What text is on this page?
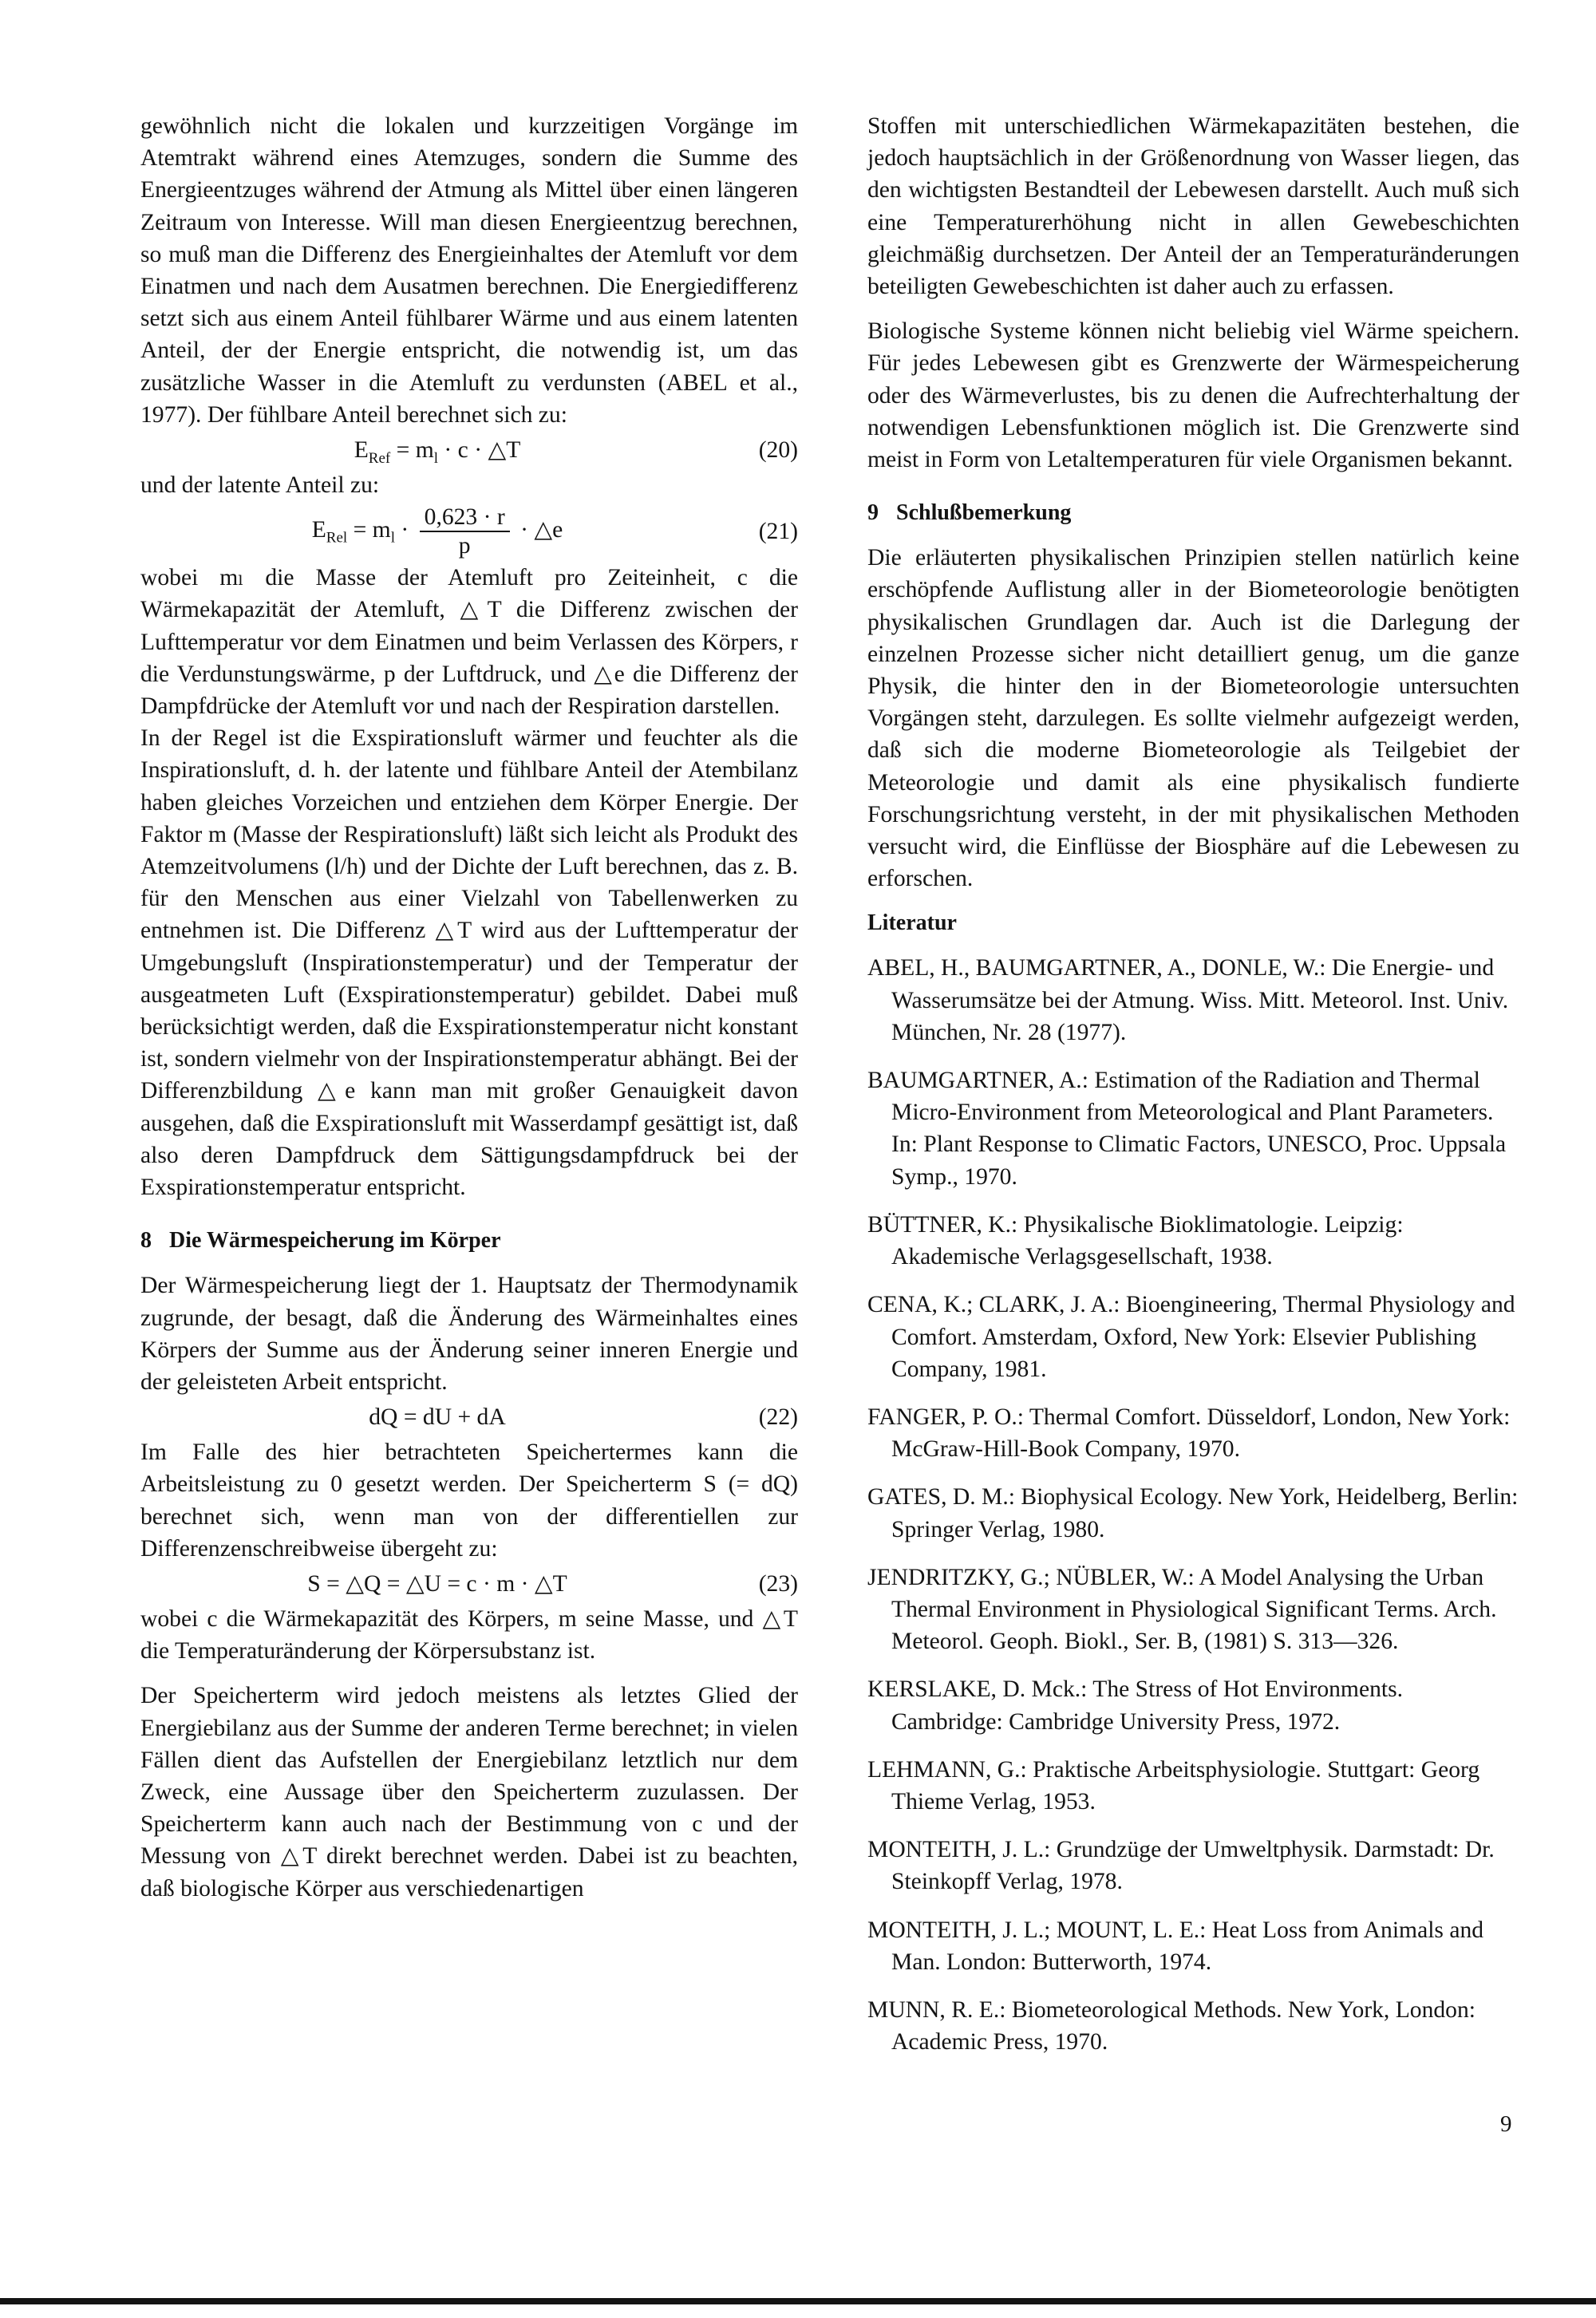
gewöhnlich nicht die lokalen und kurzzeitigen Vorgänge im Atemtrakt während eines Atemzuges, sondern die Summe des Energieentzuges während der Atmung als Mittel über einen längeren Zeitraum von Interesse. Will man diesen Energieentzug berechnen, so muß man die Differenz des Energieinhaltes der Atemluft vor dem Einatmen und nach dem Ausatmen berechnen. Die Energiedifferenz setzt sich aus einem Anteil fühlbarer Wärme und aus einem latenten Anteil, der der Energie entspricht, die notwendig ist, um das zusätzliche Wasser in die Atemluft zu verdunsten (ABEL et al., 1977). Der fühlbare Anteil berechnet sich zu:

$E_{Ref} = m_l \cdot c$ · △T	(20)

und der latente Anteil zu:

$E_{Rel} = m_l \cdot \frac{0,623 \cdot r}{p}$ · △e	(21)

wobei mₗ die Masse der Atemluft pro Zeiteinheit, c die Wärmekapazität der Atemluft, △T die Differenz zwischen der Lufttemperatur vor dem Einatmen und beim Verlassen des Körpers, r die Verdunstungswärme, p der Luftdruck, und △e die Differenz der Dampfdrücke der Atemluft vor und nach der Respiration darstellen.

In der Regel ist die Exspirationsluft wärmer und feuchter als die Inspirationsluft, d. h. der latente und fühlbare Anteil der Atembilanz haben gleiches Vorzeichen und entziehen dem Körper Energie. Der Faktor m (Masse der Respirationsluft) läßt sich leicht als Produkt des Atemzeitvolumens (l/h) und der Dichte der Luft berechnen, das z. B. für den Menschen aus einer Vielzahl von Tabellenwerken zu entnehmen ist. Die Differenz △T wird aus der Lufttemperatur der Umgebungsluft (Inspirationstemperatur) und der Temperatur der ausgeatmeten Luft (Exspirationstemperatur) gebildet. Dabei muß berücksichtigt werden, daß die Exspirationstemperatur nicht konstant ist, sondern vielmehr von der Inspirationstemperatur abhängt. Bei der Differenzbildung △e kann man mit großer Genauigkeit davon ausgehen, daß die Exspirationsluft mit Wasserdampf gesättigt ist, daß also deren Dampfdruck dem Sättigungsdampfdruck bei der Exspirationstemperatur entspricht.

8 Die Wärmespeicherung im Körper

Der Wärmespeicherung liegt der 1. Hauptsatz der Thermodynamik zugrunde, der besagt, daß die Änderung des Wärmeinhaltes eines Körpers der Summe aus der Änderung seiner inneren Energie und der geleisteten Arbeit entspricht.

dQ = dU + dA	(22)

Im Falle des hier betrachteten Speichertermes kann die Arbeitsleistung zu 0 gesetzt werden. Der Speicherterm S (= dQ) berechnet sich, wenn man von der differentiellen zur Differenzenschreibweise übergeht zu:

S = △Q = △U = c · m · △T	(23)

wobei c die Wärmekapazität des Körpers, m seine Masse, und △T die Temperaturänderung der Körpersubstanz ist.

Der Speicherterm wird jedoch meistens als letztes Glied der Energiebilanz aus der Summe der anderen Terme berechnet; in vielen Fällen dient das Aufstellen der Energiebilanz letztlich nur dem Zweck, eine Aussage über den Speicherterm zuzulassen. Der Speicherterm kann auch nach der Bestimmung von c und der Messung von △T direkt berechnet werden. Dabei ist zu beachten, daß biologische Körper aus verschiedenartigen

Stoffen mit unterschiedlichen Wärmekapazitäten bestehen, die jedoch hauptsächlich in der Größenordnung von Wasser liegen, das den wichtigsten Bestandteil der Lebewesen darstellt. Auch muß sich eine Temperaturerhöhung nicht in allen Gewebeschichten gleichmäßig durchsetzen. Der Anteil der an Temperaturänderungen beteiligten Gewebeschichten ist daher auch zu erfassen.

Biologische Systeme können nicht beliebig viel Wärme speichern. Für jedes Lebewesen gibt es Grenzwerte der Wärmespeicherung oder des Wärmeverlustes, bis zu denen die Aufrechterhaltung der notwendigen Lebensfunktionen möglich ist. Die Grenzwerte sind meist in Form von Letaltemperaturen für viele Organismen bekannt.

9 Schlußbemerkung

Die erläuterten physikalischen Prinzipien stellen natürlich keine erschöpfende Auflistung aller in der Biometeorologie benötigten physikalischen Grundlagen dar. Auch ist die Darlegung der einzelnen Prozesse sicher nicht detailliert genug, um die ganze Physik, die hinter den in der Biometeorologie untersuchten Vorgängen steht, darzulegen. Es sollte vielmehr aufgezeigt werden, daß sich die moderne Biometeorologie als Teilgebiet der Meteorologie und damit als eine physikalisch fundierte Forschungsrichtung versteht, in der mit physikalischen Methoden versucht wird, die Einflüsse der Biosphäre auf die Lebewesen zu erforschen.

Literatur

ABEL, H., BAUMGARTNER, A., DONLE, W.: Die Energie- und Wasserumsätze bei der Atmung. Wiss. Mitt. Meteorol. Inst. Univ. München, Nr. 28 (1977).

BAUMGARTNER, A.: Estimation of the Radiation and Thermal Micro-Environment from Meteorological and Plant Parameters. In: Plant Response to Climatic Factors, UNESCO, Proc. Uppsala Symp., 1970.

BÜTTNER, K.: Physikalische Bioklimatologie. Leipzig: Akademische Verlagsgesellschaft, 1938.

CENA, K.; CLARK, J. A.: Bioengineering, Thermal Physiology and Comfort. Amsterdam, Oxford, New York: Elsevier Publishing Company, 1981.

FANGER, P. O.: Thermal Comfort. Düsseldorf, London, New York: McGraw-Hill-Book Company, 1970.

GATES, D. M.: Biophysical Ecology. New York, Heidelberg, Berlin: Springer Verlag, 1980.

JENDRITZKY, G.; NÜBLER, W.: A Model Analysing the Urban Thermal Environment in Physiological Significant Terms. Arch. Meteorol. Geoph. Biokl., Ser. B, (1981) S. 313—326.

KERSLAKE, D. Mck.: The Stress of Hot Environments. Cambridge: Cambridge University Press, 1972.

LEHMANN, G.: Praktische Arbeitsphysiologie. Stuttgart: Georg Thieme Verlag, 1953.

MONTEITH, J. L.: Grundzüge der Umweltphysik. Darmstadt: Dr. Steinkopff Verlag, 1978.

MONTEITH, J. L.; MOUNT, L. E.: Heat Loss from Animals and Man. London: Butterworth, 1974.

MUNN, R. E.: Biometeorological Methods. New York, London: Academic Press, 1970.

9
